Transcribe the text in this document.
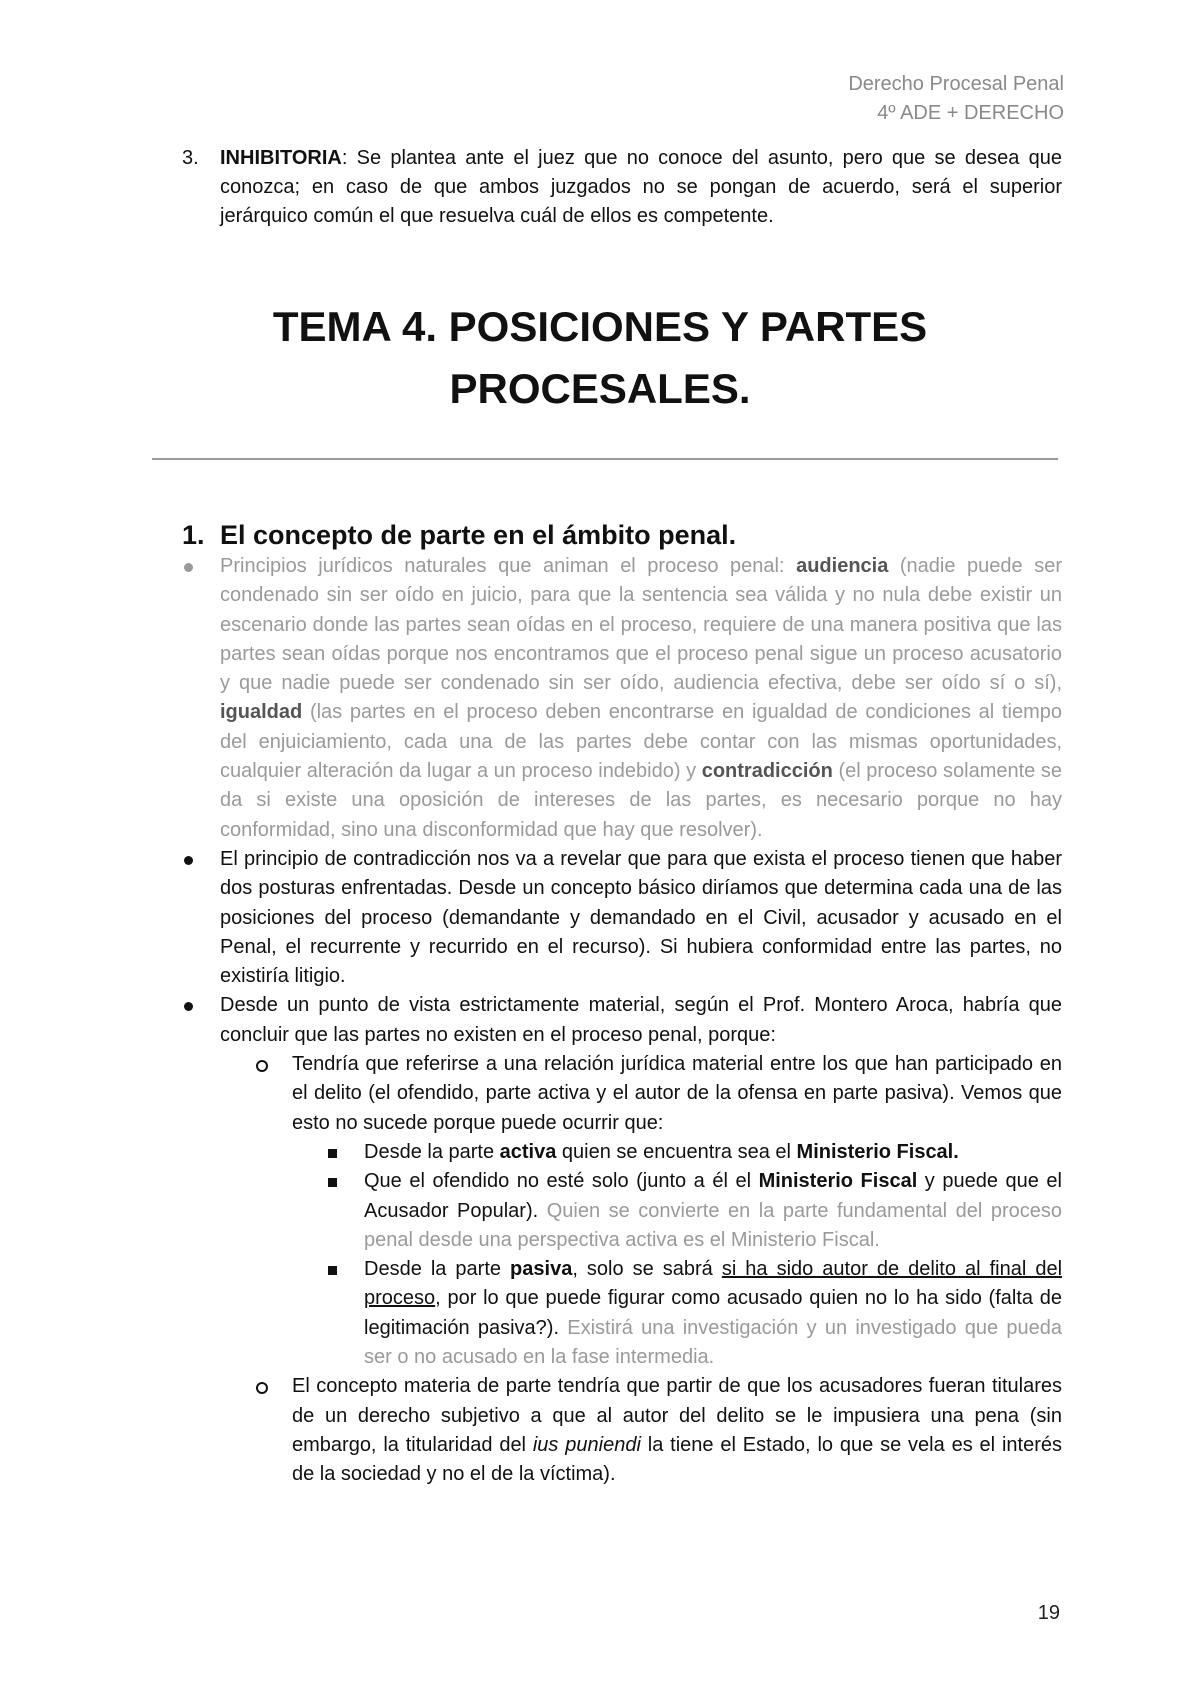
Derecho Procesal Penal
4º ADE + DERECHO
3. INHIBITORIA: Se plantea ante el juez que no conoce del asunto, pero que se desea que conozca; en caso de que ambos juzgados no se pongan de acuerdo, será el superior jerárquico común el que resuelva cuál de ellos es competente.
TEMA 4. POSICIONES Y PARTES
PROCESALES.
1. El concepto de parte en el ámbito penal.
Principios jurídicos naturales que animan el proceso penal: audiencia (nadie puede ser condenado sin ser oído en juicio, para que la sentencia sea válida y no nula debe existir un escenario donde las partes sean oídas en el proceso, requiere de una manera positiva que las partes sean oídas porque nos encontramos que el proceso penal sigue un proceso acusatorio y que nadie puede ser condenado sin ser oído, audiencia efectiva, debe ser oído sí o sí), igualdad (las partes en el proceso deben encontrarse en igualdad de condiciones al tiempo del enjuiciamiento, cada una de las partes debe contar con las mismas oportunidades, cualquier alteración da lugar a un proceso indebido) y contradicción (el proceso solamente se da si existe una oposición de intereses de las partes, es necesario porque no hay conformidad, sino una disconformidad que hay que resolver).
El principio de contradicción nos va a revelar que para que exista el proceso tienen que haber dos posturas enfrentadas. Desde un concepto básico diríamos que determina cada una de las posiciones del proceso (demandante y demandado en el Civil, acusador y acusado en el Penal, el recurrente y recurrido en el recurso). Si hubiera conformidad entre las partes, no existiría litigio.
Desde un punto de vista estrictamente material, según el Prof. Montero Aroca, habría que concluir que las partes no existen en el proceso penal, porque:
Tendría que referirse a una relación jurídica material entre los que han participado en el delito (el ofendido, parte activa y el autor de la ofensa en parte pasiva). Vemos que esto no sucede porque puede ocurrir que:
Desde la parte activa quien se encuentra sea el Ministerio Fiscal.
Que el ofendido no esté solo (junto a él el Ministerio Fiscal y puede que el Acusador Popular). Quien se convierte en la parte fundamental del proceso penal desde una perspectiva activa es el Ministerio Fiscal.
Desde la parte pasiva, solo se sabrá si ha sido autor de delito al final del proceso, por lo que puede figurar como acusado quien no lo ha sido (falta de legitimación pasiva?). Existirá una investigación y un investigado que pueda ser o no acusado en la fase intermedia.
El concepto materia de parte tendría que partir de que los acusadores fueran titulares de un derecho subjetivo a que al autor del delito se le impusiera una pena (sin embargo, la titularidad del ius puniendi la tiene el Estado, lo que se vela es el interés de la sociedad y no el de la víctima).
19
